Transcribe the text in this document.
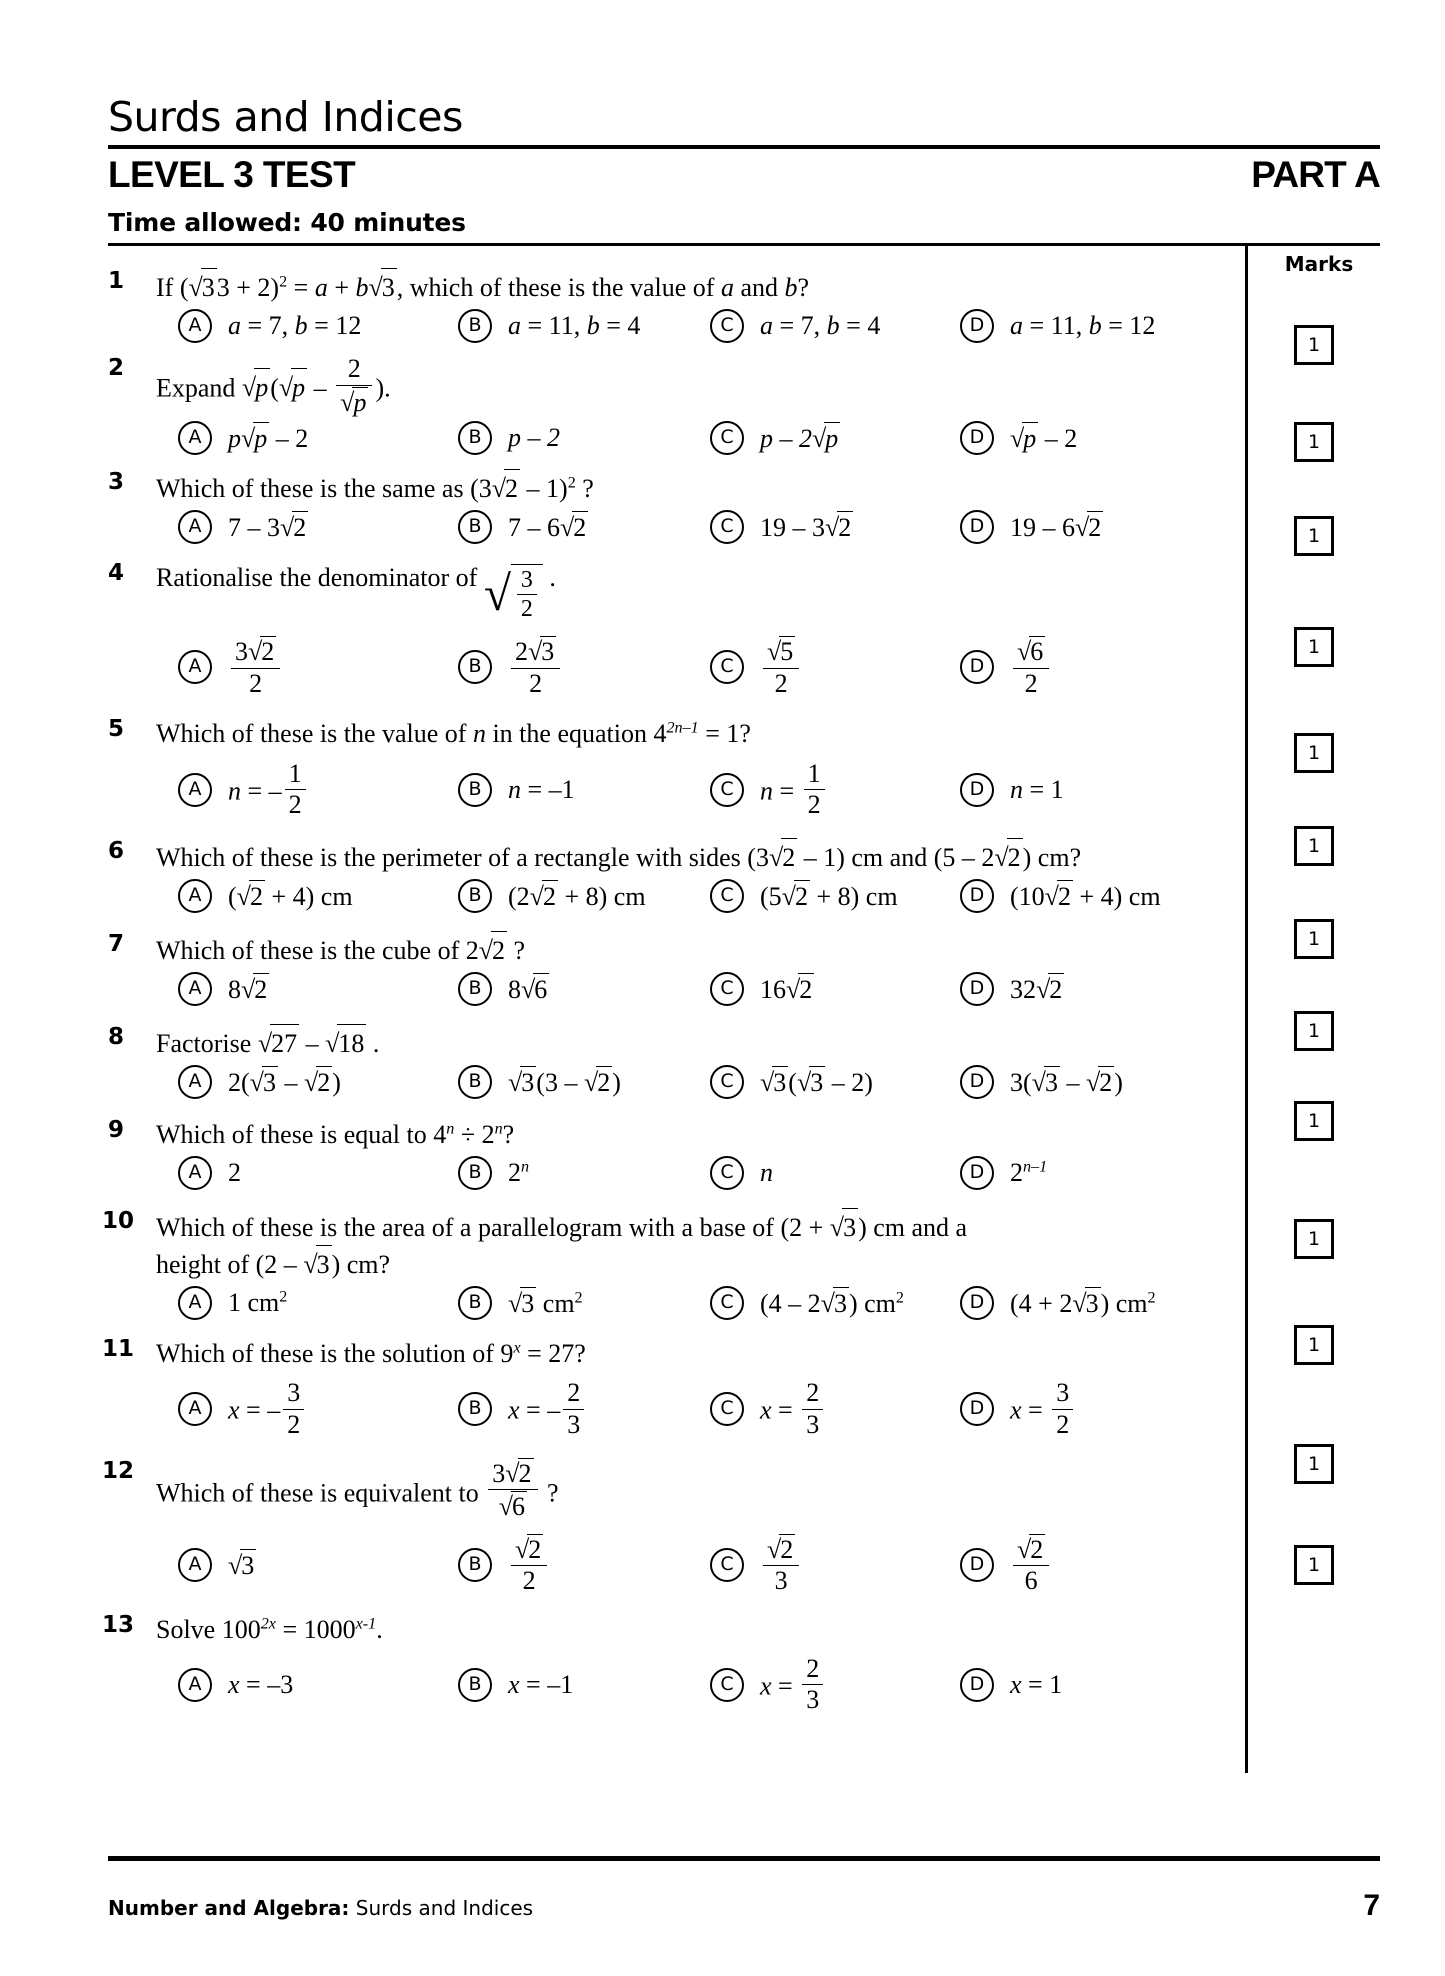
Surds and Indices
LEVEL 3 TEST	PART A
Time allowed: 40 minutes
1 If $(√33 + 2)^2 = a + b√3$, which of these is the value of a and b?
A	a = 7, b = 12	B	a = 11, b = 4	C	a = 7, b = 4	D a = 11, b = 12
2
Expand $√p(√p - \frac{2}{√p}$ ).
A	p√p – 2	B	p – 2	C	p – 2√p	D √p – 2
3 Which of these is the same as (3√2 – 1)$^2$ ?
A	7 – 3√2	B	7 – 6√2	C	19 – 3√2	D 19 – 6√2
4 Rationalise the denominator of √ $\frac{3}{2}$ .
A	$\frac{3√2}{2}$	B	$\frac{2√3}{2}$	C	$\frac{√5}{2}$	D	$\frac{√6}{2}$
5 Which of these is the value of n in the equation $4^{2n-1} = 1$?
A	n = – $\frac{1}{2}$	B	n = –1	C	$n = \frac{1}{2}$	D n = 1
6 Which of these is the perimeter of a rectangle with sides (3√2 – 1) cm and (5 – 2√2) cm?
A	(√2 + 4) cm	B	(2√2 + 8) cm	C	(5√2 + 8) cm	D (10√2 + 4) cm
7 Which of these is the cube of 2√2 ?
A	8√2	B	8√6	C	16√2	D 32√2
8 Factorise √27 – √18 .
A	2(√3 – √2)	B	√3(3 – √2)	C	√3(√3 – 2)	D 3(√3 – √2)
9 Which of these is equal to $4^n \div 2^n$?
A	2	B	2$^n$	C	n	D 2$^{n-1}$
10 Which of these is the area of a parallelogram with a base of (2 + √3) cm and a
height of (2 – √3) cm?
A	1 $cm^2$	B	√3 $cm^2$	C	(4 – 2√3) $cm^2$	D (4 + 2√3) $cm^2$
11 Which of these is the solution of $9^x = 27$?
A	x = – $\frac{3}{2}$	B	x = – $\frac{2}{3}$	C	$x = \frac{2}{3}$	D $x = \frac{3}{2}$
12
Which of these is equivalent to $\frac{3√2}{√6}$ ?
A	√3	B	$\frac{√2}{2}$	C	$\frac{√2}{3}$	D	$\frac{√2}{6}$
13 Solve $100^{2x} = 1000^{x-1}$.
A	x = –3	B	x = –1	C	$x = \frac{2}{3}$	D x = 1
Marks
1
1
1
1
1
1
1
1
1
1
1
1
1
Number and Algebra: Surds and Indices	7
